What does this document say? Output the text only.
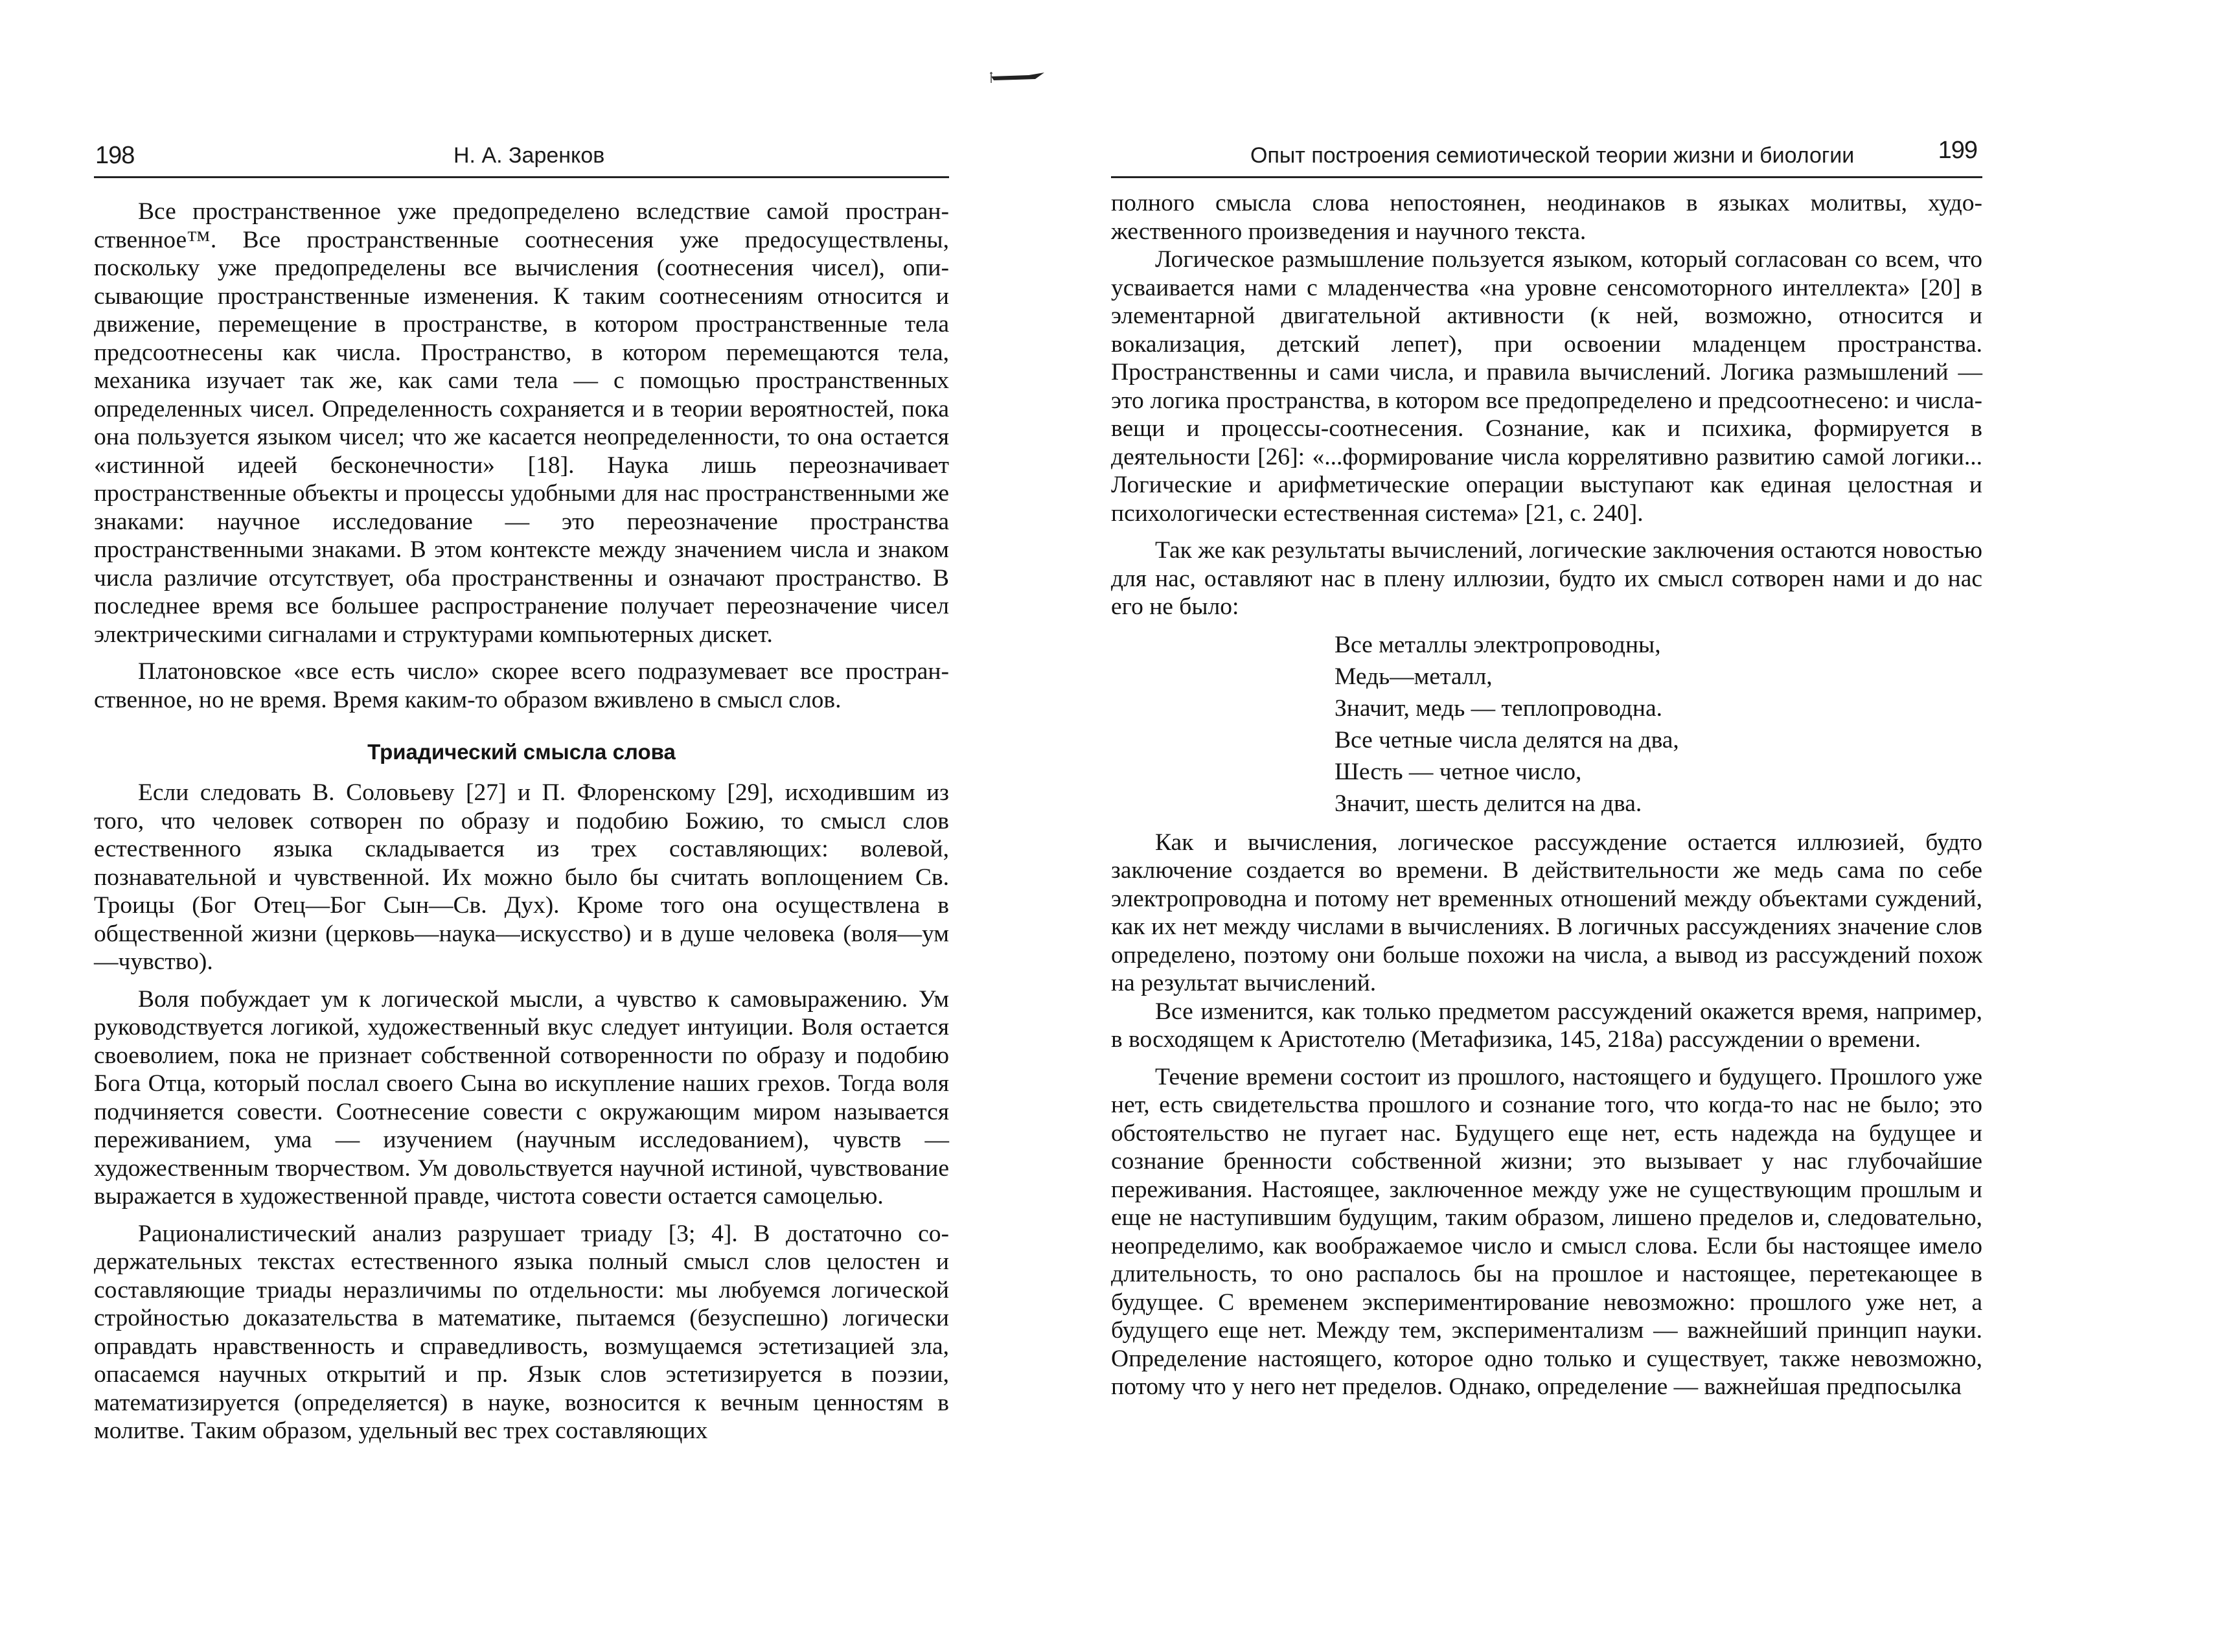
198	Н. А. Заренков

Все пространственное уже предопределено вследствие самой пространственное™. Все пространственные соотнесения уже предосуществлены, поскольку уже предопределены все вычисления (соотнесения чисел), описывающие пространственные изменения. К таким соотнесениям относится и движение, перемещение в пространстве, в котором пространственные тела предсоотнесены как числа. Пространство, в котором перемещаются тела, механика изучает так же, как сами тела — с помощью пространственных определенных чисел. Определенность сохраняется и в теории вероятностей, пока она пользуется языком чисел; что же касается неопределенности, то она остается «истинной идеей бесконечности» [18]. Наука лишь переозначивает пространственные объекты и процессы удобными для нас пространственными же знаками: научное исследование — это переозначение пространства пространственными знаками. В этом контексте между значением числа и знаком числа различие отсутствует, оба пространственны и означают пространство. В последнее время все большее распространение получает переозначение чисел электрическими сигналами и структурами компьютерных дискет.

Платоновское «все есть число» скорее всего подразумевает все пространственное, но не время. Время каким-то образом вживлено в смысл слов.

Триадический смысла слова

Если следовать В. Соловьеву [27] и П. Флоренскому [29], исходившим из того, что человек сотворен по образу и подобию Божию, то смысл слов естественного языка складывается из трех составляющих: волевой, познавательной и чувственной. Их можно было бы считать воплощением Св. Троицы (Бог Отец—Бог Сын—Св. Дух). Кроме того она осуществлена в общественной жизни (церковь—наука—искусство) и в душе человека (воля—ум—чувство).

Воля побуждает ум к логической мысли, а чувство к самовыражению. Ум руководствуется логикой, художественный вкус следует интуиции. Воля остается своеволием, пока не признает собственной сотворенности по образу и подобию Бога Отца, который послал своего Сына во искупление наших грехов. Тогда воля подчиняется совести. Соотнесение совести с окружающим миром называется переживанием, ума — изучением (научным исследованием), чувств — художественным творчеством. Ум довольствуется научной истиной, чувствование выражается в художественной правде, чистота совести остается самоцелью.

Рационалистический анализ разрушает триаду [3; 4]. В достаточно содержательных текстах естественного языка полный смысл слов целостен и составляющие триады неразличимы по отдельности: мы любуемся логической стройностью доказательства в математике, пытаемся (безуспешно) логически оправдать нравственность и справедливость, возмущаемся эстетизацией зла, опасаемся научных открытий и пр. Язык слов эстетизируется в поэзии, математизируется (определяется) в науке, возносится к вечным ценностям в молитве. Таким образом, удельный вес трех составляющих

Опыт построения семиотической теории жизни и биологии	199

полного смысла слова непостоянен, неодинаков в языках молитвы, художественного произведения и научного текста.

Логическое размышление пользуется языком, который согласован со всем, что усваивается нами с младенчества «на уровне сенсомоторного интеллекта» [20] в элементарной двигательной активности (к ней, возможно, относится и вокализация, детский лепет), при освоении младенцем пространства. Пространственны и сами числа, и правила вычислений. Логика размышлений — это логика пространства, в котором все предопределено и предсоотнесено: и числа-вещи и процессы-соотнесения. Сознание, как и психика, формируется в деятельности [26]: «...формирование числа коррелятивно развитию самой логики... Логические и арифметические операции выступают как единая целостная и психологически естественная система» [21, с. 240].

Так же как результаты вычислений, логические заключения остаются новостью для нас, оставляют нас в плену иллюзии, будто их смысл сотворен нами и до нас его не было:

Все металлы электропроводны,
Медь—металл,
Значит, медь — теплопроводна.
Все четные числа делятся на два,
Шесть — четное число,
Значит, шесть делится на два.

Как и вычисления, логическое рассуждение остается иллюзией, будто заключение создается во времени. В действительности же медь сама по себе электропроводна и потому нет временных отношений между объектами суждений, как их нет между числами в вычислениях. В логичных рассуждениях значение слов определено, поэтому они больше похожи на числа, а вывод из рассуждений похож на результат вычислений.

Все изменится, как только предметом рассуждений окажется время, например, в восходящем к Аристотелю (Метафизика, 145, 218а) рассуждении о времени.

Течение времени состоит из прошлого, настоящего и будущего. Прошлого уже нет, есть свидетельства прошлого и сознание того, что когда-то нас не было; это обстоятельство не пугает нас. Будущего еще нет, есть надежда на будущее и сознание бренности собственной жизни; это вызывает у нас глубочайшие переживания. Настоящее, заключенное между уже не существующим прошлым и еще не наступившим будущим, таким образом, лишено пределов и, следовательно, неопределимо, как воображаемое число и смысл слова. Если бы настоящее имело длительность, то оно распалось бы на прошлое и настоящее, перетекающее в будущее. С временем экспериментирование невозможно: прошлого уже нет, а будущего еще нет. Между тем, экспериментализм — важнейший принцип науки. Определение настоящего, которое одно только и существует, также невозможно, потому что у него нет пределов. Однако, определение — важнейшая предпосылка
